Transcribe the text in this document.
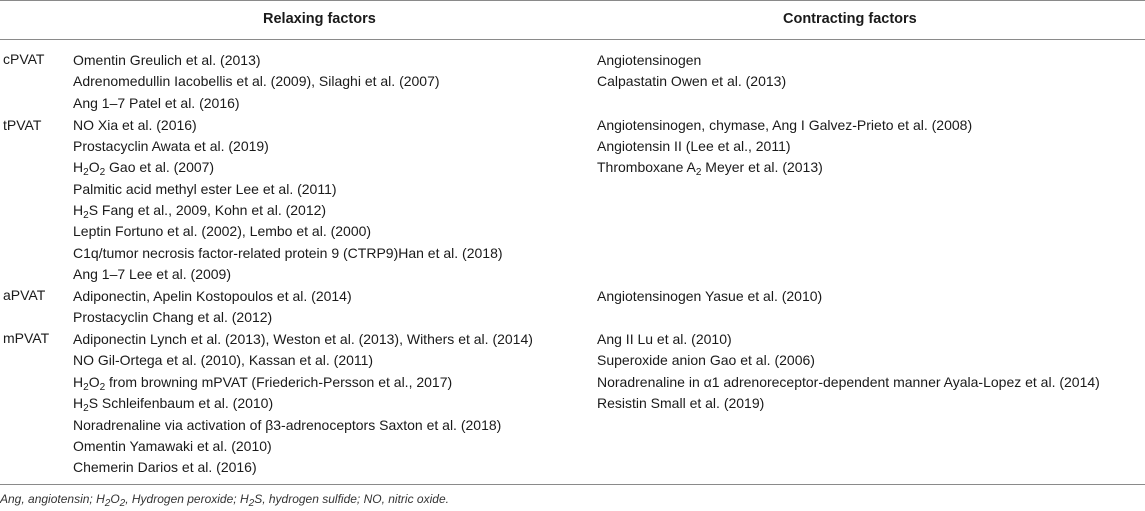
Relaxing factors	Contracting factors
cPVAT
tPVAT
aPVAT
mPVAT
Omentin Greulich et al. (2013)
Adrenomedullin Iacobellis et al. (2009), Silaghi et al. (2007)
Ang 1–7 Patel et al. (2016)
NO Xia et al. (2016)
Prostacyclin Awata et al. (2019)
$H_2O_2$ Gao et al. (2007)
Palmitic acid methyl ester Lee et al. (2011)
$H_2S$ Fang et al., 2009, Kohn et al. (2012)
Leptin Fortuno et al. (2002), Lembo et al. (2000)
C1q/tumor necrosis factor-related protein 9 (CTRP9)Han et al. (2018)
Ang 1–7 Lee et al. (2009)
Adiponectin, Apelin Kostopoulos et al. (2014)
Prostacyclin Chang et al. (2012)
Adiponectin Lynch et al. (2013), Weston et al. (2013), Withers et al. (2014)
NO Gil-Ortega et al. (2010), Kassan et al. (2011)
$H_2O_2$ from browning mPVAT (Friederich-Persson et al., 2017)
$H_2S$ Schleifenbaum et al. (2010)
Noradrenaline via activation of β3-adrenoceptors Saxton et al. (2018)
Omentin Yamawaki et al. (2010)
Chemerin Darios et al. (2016)
Angiotensinogen
Calpastatin Owen et al. (2013)
Angiotensinogen, chymase, Ang I Galvez-Prieto et al. (2008)
Angiotensin II (Lee et al., 2011)
Thromboxane $A_2$ Meyer et al. (2013)
Angiotensinogen Yasue et al. (2010)
Ang II Lu et al. (2010)
Superoxide anion Gao et al. (2006)
Noradrenaline in α1 adrenoreceptor-dependent manner Ayala-Lopez et al. (2014)
Resistin Small et al. (2019)
Ang, angiotensin; $H_2O_2$, Hydrogen peroxide; $H_2S$, hydrogen sulfide; NO, nitric oxide.
